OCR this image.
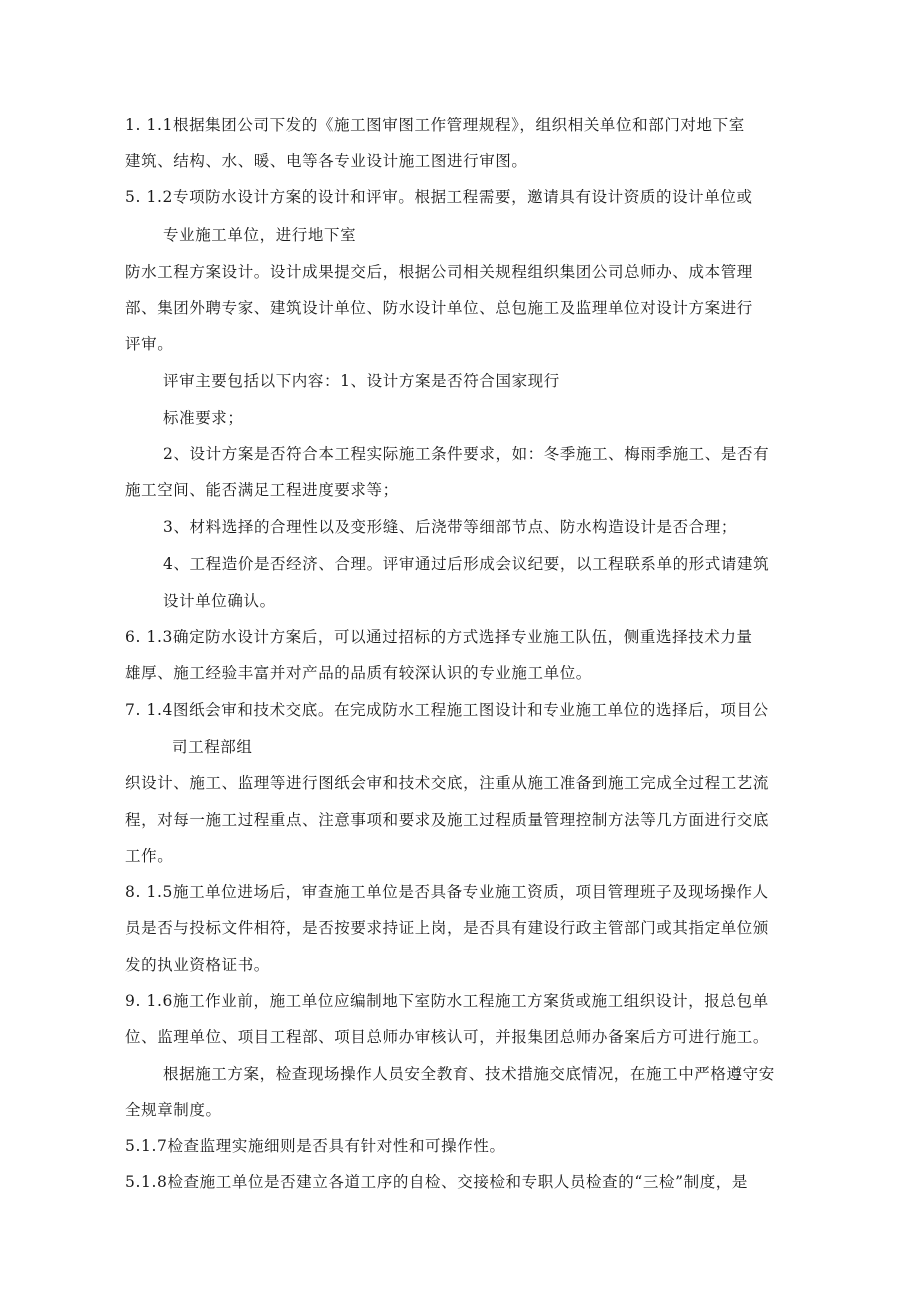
1. 1.1根据集团公司下发的《施工图审图工作管理规程》，组织相关单位和部门对地下室
建筑、结构、水、暖、电等各专业设计施工图进行审图。
5. 1.2专项防水设计方案的设计和评审。根据工程需要，邀请具有设计资质的设计单位或
专业施工单位，进行地下室
防水工程方案设计。设计成果提交后，根据公司相关规程组织集团公司总师办、成本管理
部、集团外聘专家、建筑设计单位、防水设计单位、总包施工及监理单位对设计方案进行
评审。
评审主要包括以下内容：1、设计方案是否符合国家现行
标准要求；
2、设计方案是否符合本工程实际施工条件要求，如：冬季施工、梅雨季施工、是否有
施工空间、能否满足工程进度要求等；
3、材料选择的合理性以及变形缝、后浇带等细部节点、防水构造设计是否合理；
4、工程造价是否经济、合理。评审通过后形成会议纪要，以工程联系单的形式请建筑
设计单位确认。
6. 1.3确定防水设计方案后，可以通过招标的方式选择专业施工队伍，侧重选择技术力量
雄厚、施工经验丰富并对产品的品质有较深认识的专业施工单位。
7. 1.4图纸会审和技术交底。在完成防水工程施工图设计和专业施工单位的选择后，项目公
司工程部组
织设计、施工、监理等进行图纸会审和技术交底，注重从施工准备到施工完成全过程工艺流
程，对每一施工过程重点、注意事项和要求及施工过程质量管理控制方法等几方面进行交底
工作。
8. 1.5施工单位进场后，审查施工单位是否具备专业施工资质，项目管理班子及现场操作人
员是否与投标文件相符，是否按要求持证上岗，是否具有建设行政主管部门或其指定单位颁
发的执业资格证书。
9. 1.6施工作业前，施工单位应编制地下室防水工程施工方案货或施工组织设计，报总包单
位、监理单位、项目工程部、项目总师办审核认可，并报集团总师办备案后方可进行施工。
根据施工方案，检查现场操作人员安全教育、技术措施交底情况，在施工中严格遵守安
全规章制度。
5.1.7检查监理实施细则是否具有针对性和可操作性。
5.1.8检查施工单位是否建立各道工序的自检、交接检和专职人员检查的“三检”制度，是
